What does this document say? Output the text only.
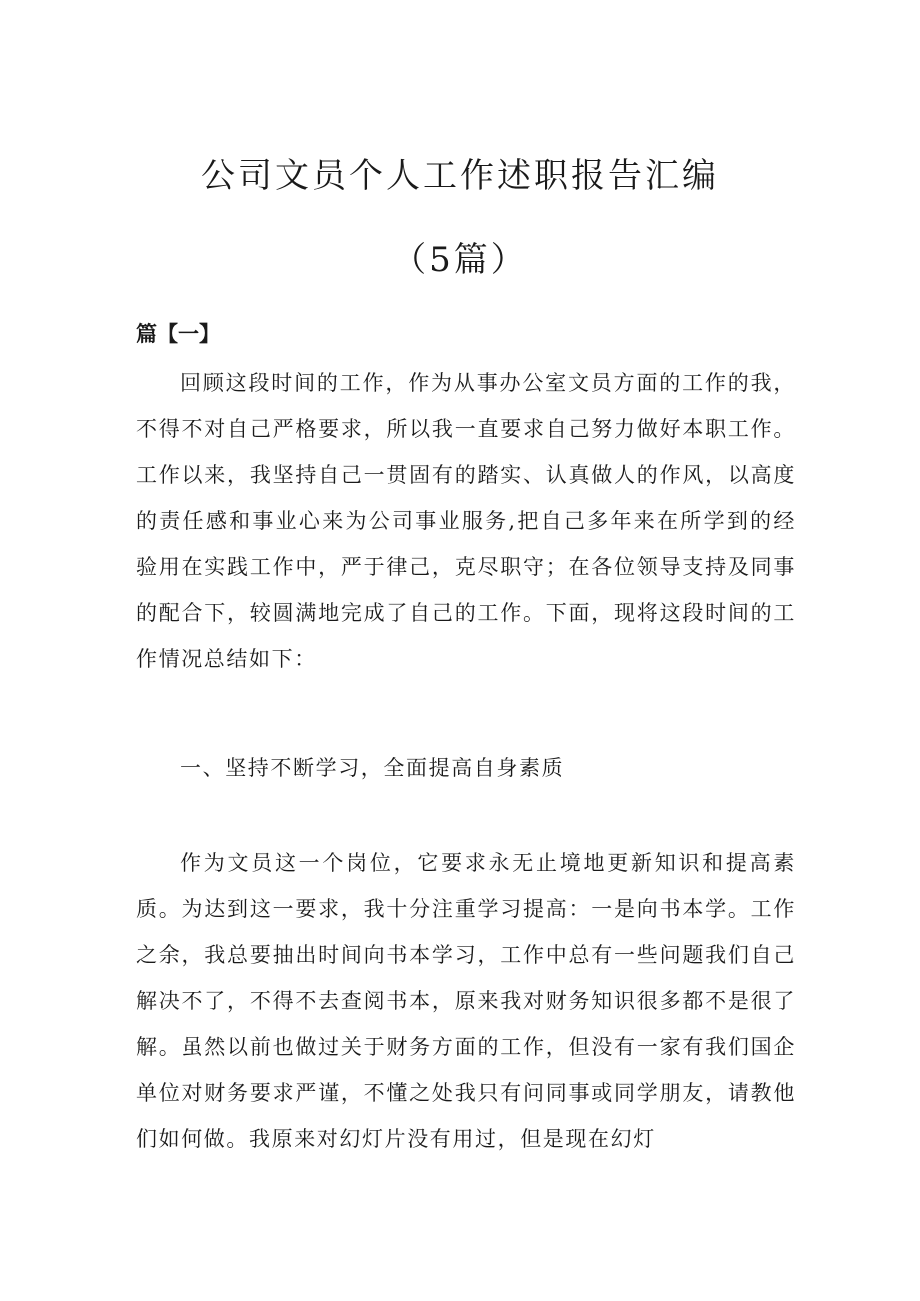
公司文员个人工作述职报告汇编
（5篇）

篇【一】

回顾这段时间的工作，作为从事办公室文员方面的工作的我，不得不对自己严格要求，所以我一直要求自己努力做好本职工作。工作以来，我坚持自己一贯固有的踏实、认真做人的作风，以高度的责任感和事业心来为公司事业服务,把自己多年来在所学到的经验用在实践工作中，严于律己，克尽职守；在各位领导支持及同事的配合下，较圆满地完成了自己的工作。下面，现将这段时间的工作情况总结如下：

一、坚持不断学习，全面提高自身素质

作为文员这一个岗位，它要求永无止境地更新知识和提高素质。为达到这一要求，我十分注重学习提高：一是向书本学。工作之余，我总要抽出时间向书本学习，工作中总有一些问题我们自己解决不了，不得不去查阅书本，原来我对财务知识很多都不是很了解。虽然以前也做过关于财务方面的工作，但没有一家有我们国企单位对财务要求严谨，不懂之处我只有问同事或同学朋友，请教他们如何做。我原来对幻灯片没有用过，但是现在幻灯
